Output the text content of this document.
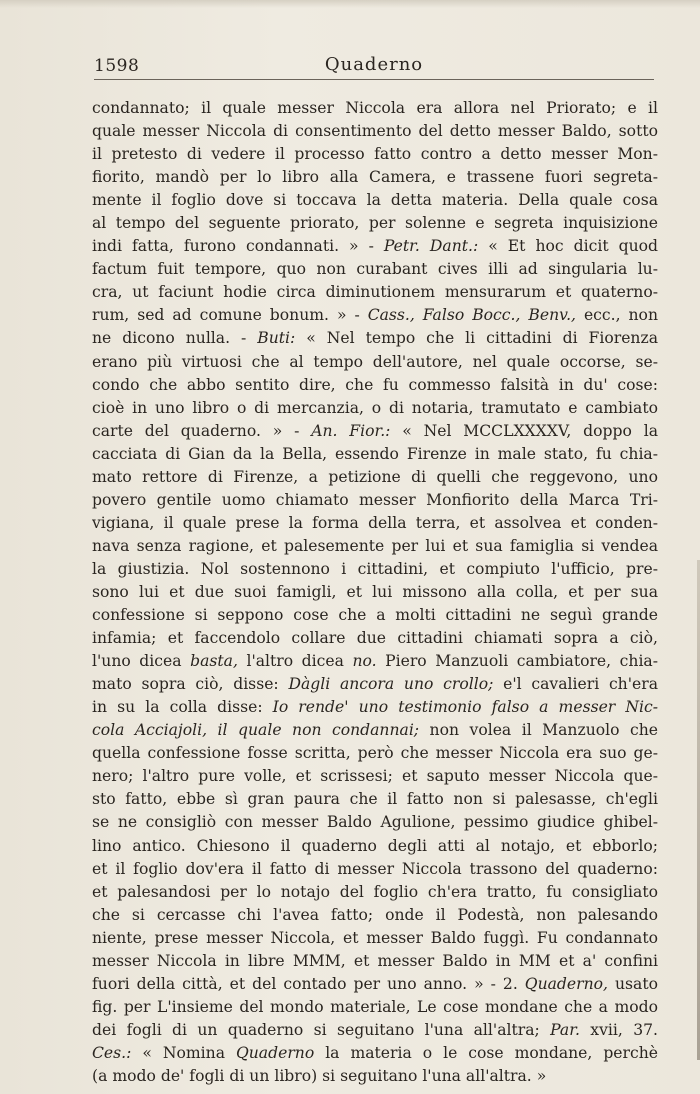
1598	Quaderno
condannato; il quale messer Niccola era allora nel Priorato; e il
quale messer Niccola di consentimento del detto messer Baldo, sotto
il pretesto di vedere il processo fatto contro a detto messer Mon-
fiorito, mandò per lo libro alla Camera, e trassene fuori segreta-
mente il foglio dove si toccava la detta materia. Della quale cosa
al tempo del seguente priorato, per solenne e segreta inquisizione
indi fatta, furono condannati. » - Petr. Dant.: « Et hoc dicit quod
factum fuit tempore, quo non curabant cives illi ad singularia lu-
cra, ut faciunt hodie circa diminutionem mensurarum et quaterno-
rum, sed ad comune bonum. » - Cass., Falso Bocc., Benv., ecc., non
ne dicono nulla. - Buti: « Nel tempo che li cittadini di Fiorenza
erano più virtuosi che al tempo dell'autore, nel quale occorse, se-
condo che abbo sentito dire, che fu commesso falsità in du' cose:
cioè in uno libro o di mercanzia, o di notaria, tramutato e cambiato
carte del quaderno. » - An. Fior.: « Nel MCCLXXXXV, doppo la
cacciata di Gian da la Bella, essendo Firenze in male stato, fu chia-
mato rettore di Firenze, a petizione di quelli che reggevono, uno
povero gentile uomo chiamato messer Monfiorito della Marca Tri-
vigiana, il quale prese la forma della terra, et assolvea et conden-
nava senza ragione, et palesemente per lui et sua famiglia si vendea
la giustizia. Nol sostennono i cittadini, et compiuto l'ufficio, pre-
sono lui et due suoi famigli, et lui missono alla colla, et per sua
confessione si seppono cose che a molti cittadini ne seguì grande
infamia; et faccendolo collare due cittadini chiamati sopra a ciò,
l'uno dicea basta, l'altro dicea no. Piero Manzuoli cambiatore, chia-
mato sopra ciò, disse: Dàgli ancora uno crollo; e'l cavalieri ch'era
in su la colla disse: Io rende' uno testimonio falso a messer Nic-
cola Acciajoli, il quale non condannai; non volea il Manzuolo che
quella confessione fosse scritta, però che messer Niccola era suo ge-
nero; l'altro pure volle, et scrissesi; et saputo messer Niccola que-
sto fatto, ebbe sì gran paura che il fatto non si palesasse, ch'egli
se ne consigliò con messer Baldo Agulione, pessimo giudice ghibel-
lino antico. Chiesono il quaderno degli atti al notajo, et ebborlo;
et il foglio dov'era il fatto di messer Niccola trassono del quaderno:
et palesandosi per lo notajo del foglio ch'era tratto, fu consigliato
che si cercasse chi l'avea fatto; onde il Podestà, non palesando
niente, prese messer Niccola, et messer Baldo fuggì. Fu condannato
messer Niccola in libre MMM, et messer Baldo in MM et a' confini
fuori della città, et del contado per uno anno. » - 2. Quaderno, usato
fig. per L'insieme del mondo materiale, Le cose mondane che a modo
dei fogli di un quaderno si seguitano l'una all'altra; Par. xvii, 37.
Ces.: « Nomina Quaderno la materia o le cose mondane, perchè
(a modo de' fogli di un libro) si seguitano l'una all'altra. »
